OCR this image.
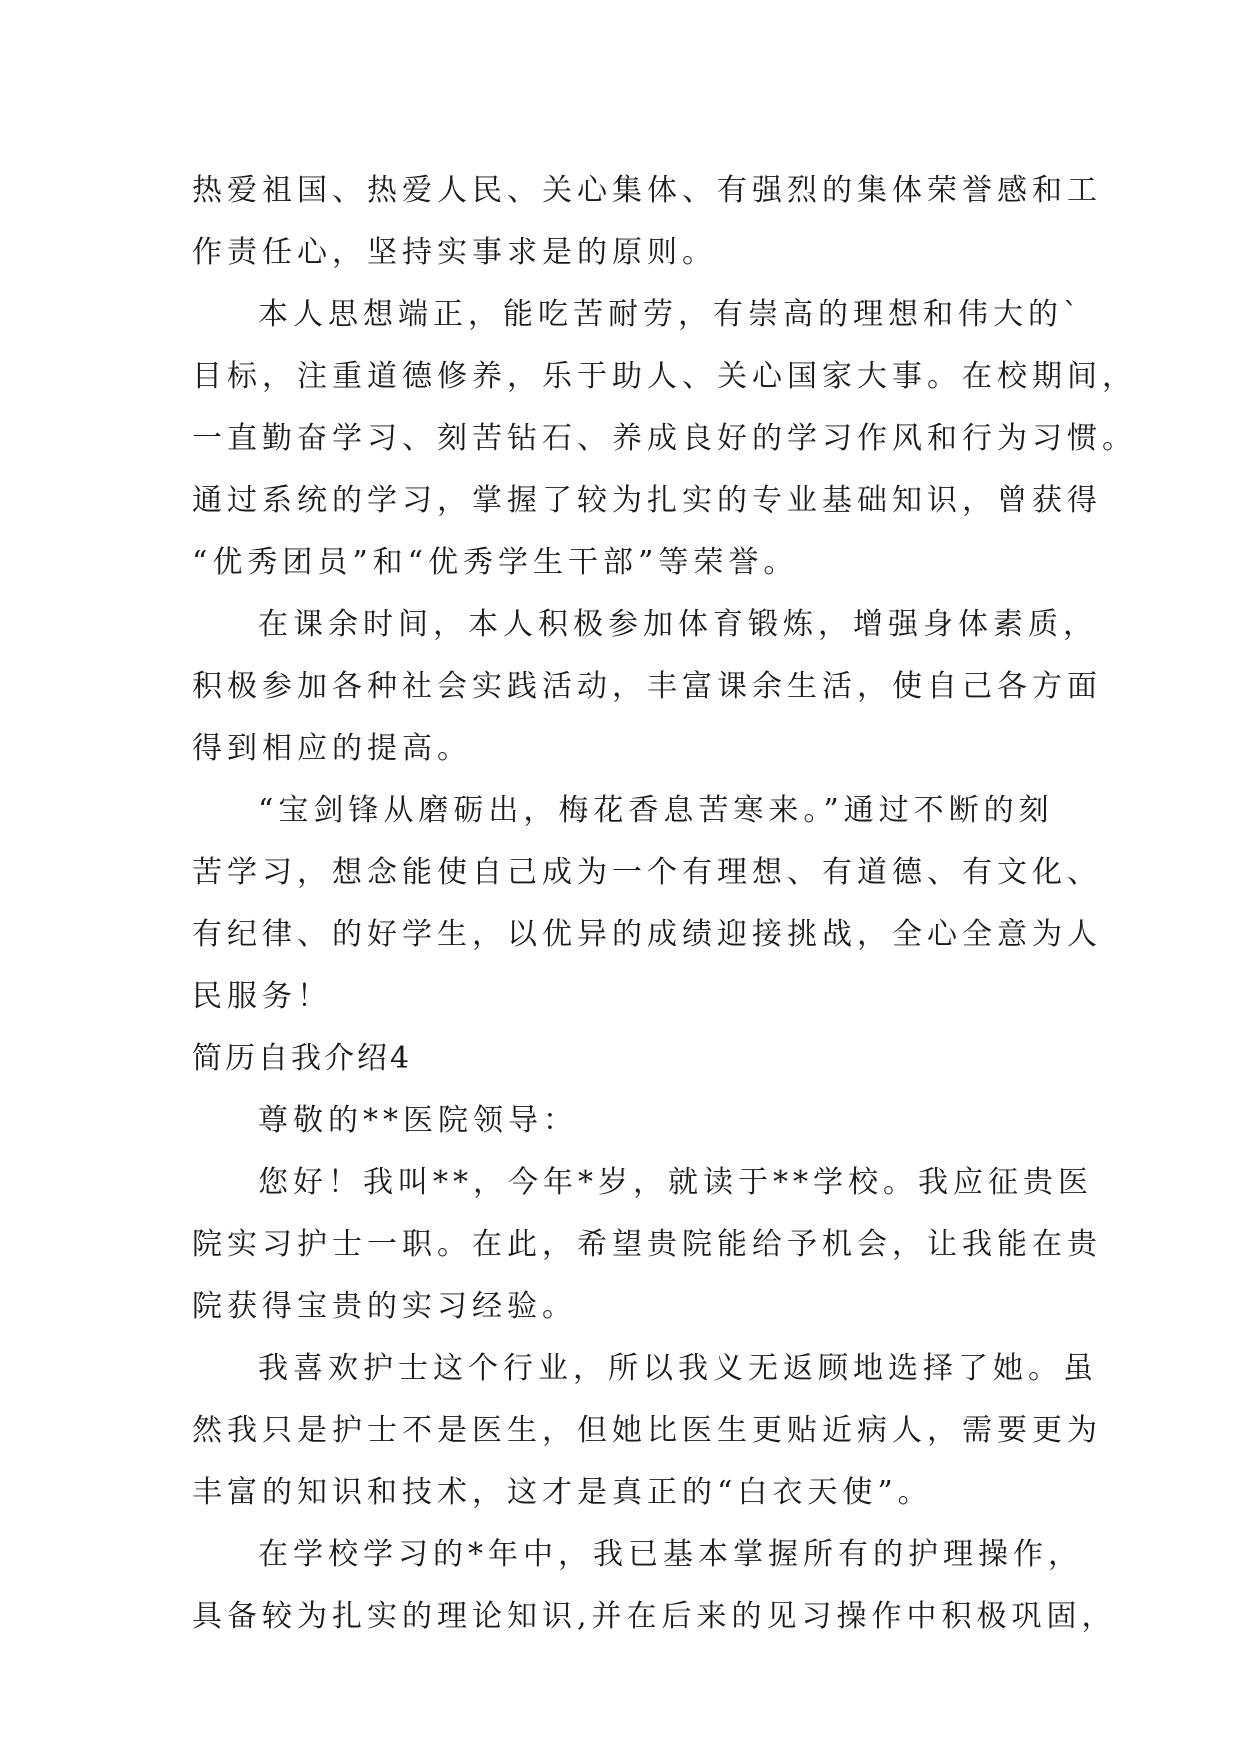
热爱祖国、热爱人民、关心集体、有强烈的集体荣誉感和工
作责任心，坚持实事求是的原则。
本人思想端正，能吃苦耐劳，有崇高的理想和伟大的`
目标，注重道德修养，乐于助人、关心国家大事。在校期间，
一直勤奋学习、刻苦钻石、养成良好的学习作风和行为习惯。
通过系统的学习，掌握了较为扎实的专业基础知识，曾获得
“优秀团员”和“优秀学生干部”等荣誉。
在课余时间，本人积极参加体育锻炼，增强身体素质，
积极参加各种社会实践活动，丰富课余生活，使自己各方面
得到相应的提高。
“宝剑锋从磨砺出，梅花香息苦寒来。”通过不断的刻
苦学习，想念能使自己成为一个有理想、有道德、有文化、
有纪律、的好学生，以优异的成绩迎接挑战，全心全意为人
民服务！
简历自我介绍4
尊敬的**医院领导：
您好！我叫**，今年*岁，就读于**学校。我应征贵医
院实习护士一职。在此，希望贵院能给予机会，让我能在贵
院获得宝贵的实习经验。
我喜欢护士这个行业，所以我义无返顾地选择了她。虽
然我只是护士不是医生，但她比医生更贴近病人，需要更为
丰富的知识和技术，这才是真正的“白衣天使”。
在学校学习的*年中，我已基本掌握所有的护理操作，
具备较为扎实的理论知识,并在后来的见习操作中积极巩固，
